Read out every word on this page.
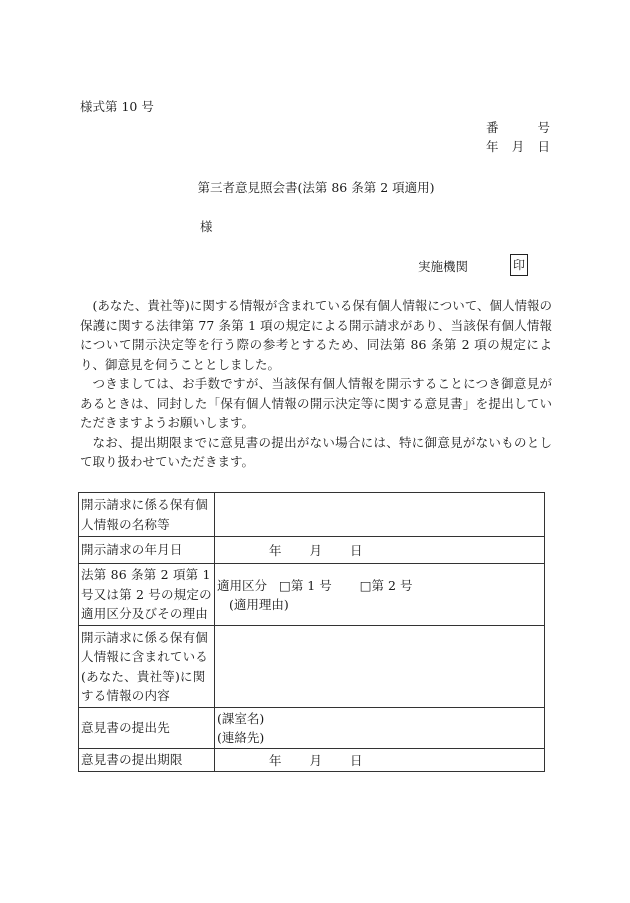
様式第 10 号
番	号
年 月 日
第三者意見照会書(法第 86 条第 2 項適用)
様
実施機関	印

(あなた、貴社等)に関する情報が含まれている保有個人情報について、個人情報の保護に関する法律第 77 条第 1 項の規定による開示請求があり、当該保有個人情報について開示決定等を行う際の参考とするため、同法第 86 条第 2 項の規定により、御意見を伺うこととしました。

つきましては、お手数ですが、当該保有個人情報を開示することにつき御意見があるときは、同封した「保有個人情報の開示決定等に関する意見書」を提出していただきますようお願いします。

なお、提出期限までに意見書の提出がない場合には、特に御意見がないものとして取り扱わせていただきます。

開示請求に係る保有個人情報の名称等	
開示請求の年月日	年 月 日
法第 86 条第 2 項第 1 号又は第 2 号の規定の適用区分及びその理由	適用区分 □第 1 号 □第 2 号
(適用理由)

開示請求に係る保有個人情報に含まれている(あなた、貴社等)に関する情報の内容	
意見書の提出先	(課室名)
(連絡先)

意見書の提出期限	年 月 日
